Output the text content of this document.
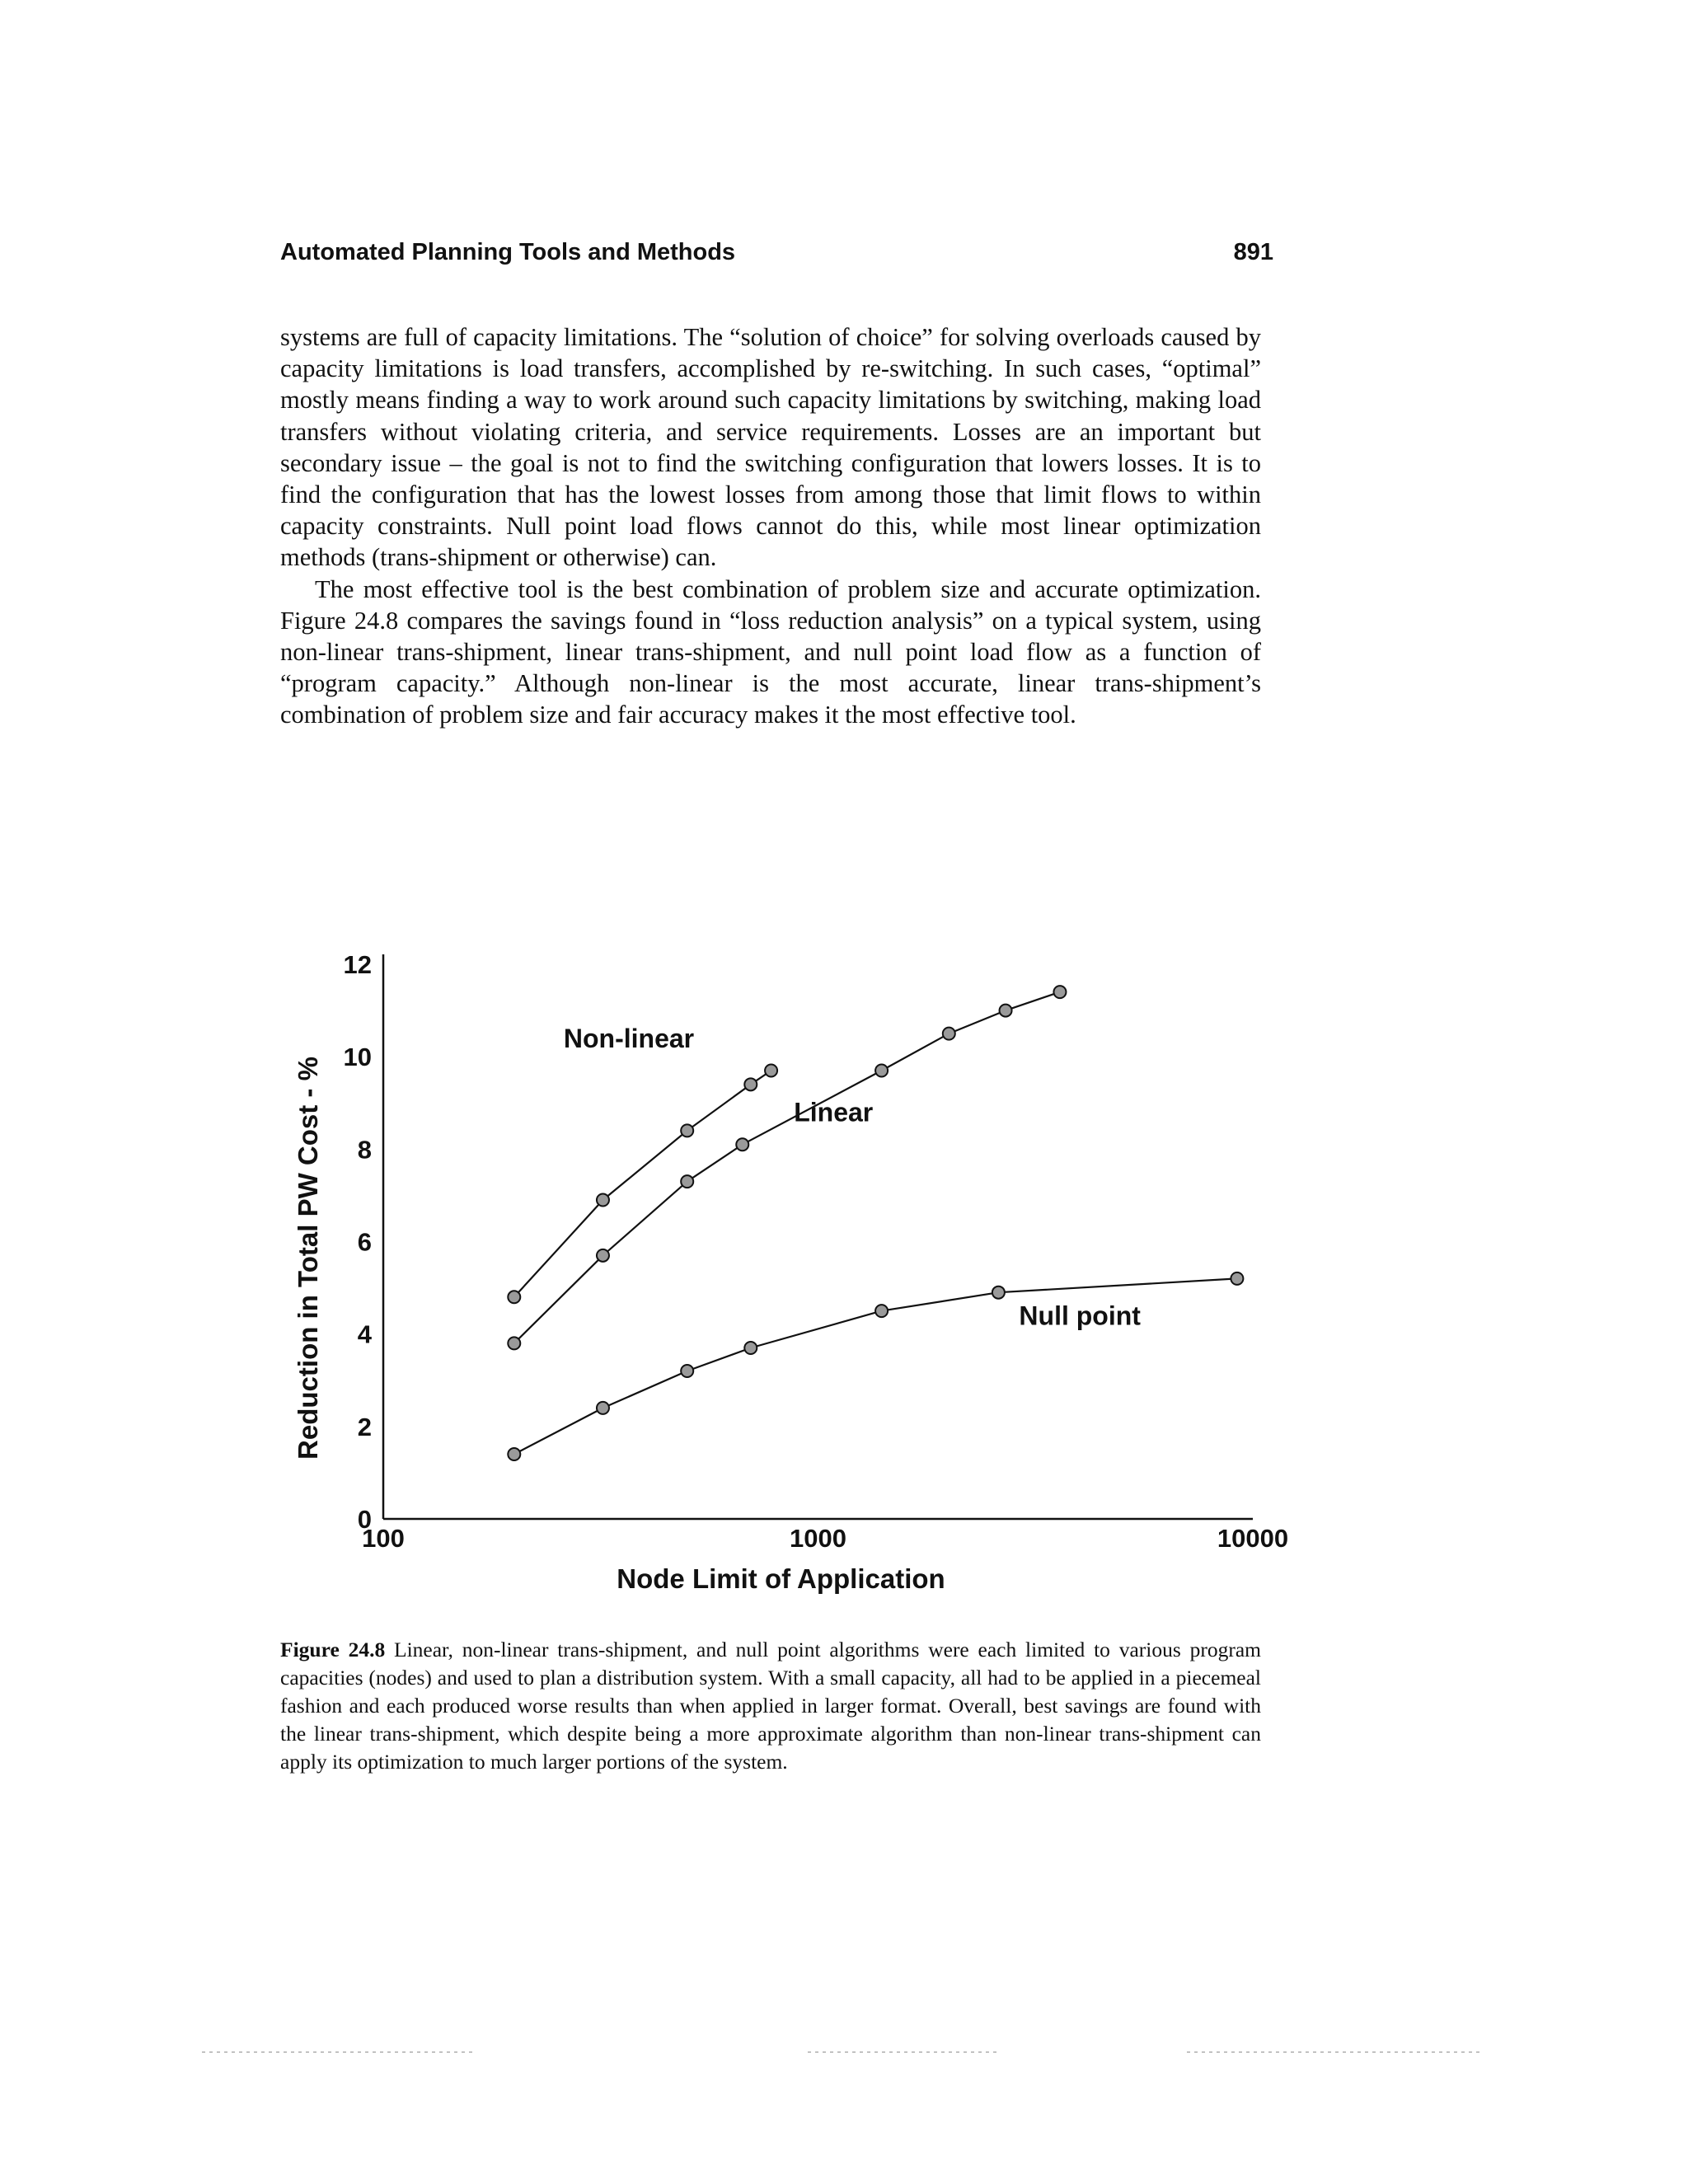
Automated Planning Tools and Methods	891

systems are full of capacity limitations. The “solution of choice” for solving overloads caused by capacity limitations is load transfers, accomplished by re-switching. In such cases, “optimal” mostly means finding a way to work around such capacity limitations by switching, making load transfers without violating criteria, and service requirements. Losses are an important but secondary issue – the goal is not to find the switching configuration that lowers losses. It is to find the configuration that has the lowest losses from among those that limit flows to within capacity constraints. Null point load flows cannot do this, while most linear optimization methods (trans-shipment or otherwise) can.

The most effective tool is the best combination of problem size and accurate optimization. Figure 24.8 compares the savings found in “loss reduction analysis” on a typical system, using non-linear trans-shipment, linear trans-shipment, and null point load flow as a function of “program capacity.” Although non-linear is the most accurate, linear trans-shipment’s combination of problem size and fair accuracy makes it the most effective tool.

0
2
4
6
8
10
12
100	1000	10000
Node Limit of Application
Reduction in Total PW Cost - %
Non-linear
Linear
Null point
Figure 24.8 Linear, non-linear trans-shipment, and null point algorithms were each limited to various program capacities (nodes) and used to plan a distribution system. With a small capacity, all had to be applied in a piecemeal fashion and each produced worse results than when applied in larger format. Overall, best savings are found with the linear trans-shipment, which despite being a more approximate algorithm than non-linear trans-shipment can apply its optimization to much larger portions of the system.
